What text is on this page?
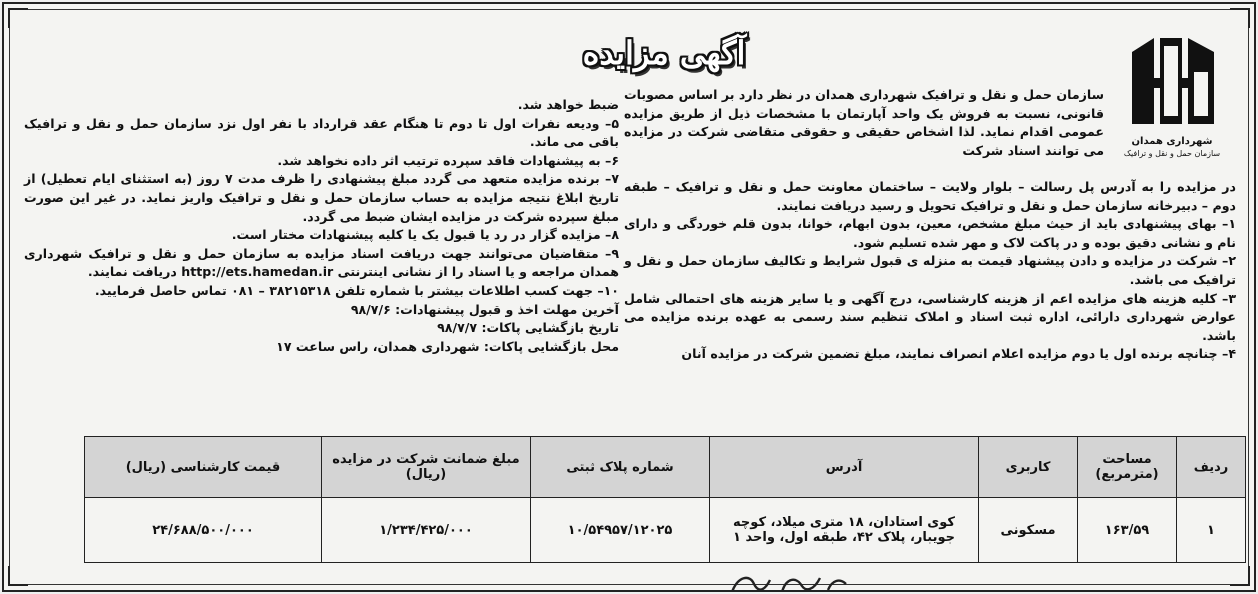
آگهی مزایده
شهرداری همدان
سازمان حمل و نقل و ترافیک

سازمان حمل و نقل و ترافیک شهرداری همدان در نظر دارد بر اساس مصوبات قانونی، نسبت به فروش یک واحد آپارتمان با مشخصات ذیل از طریق مزایده عمومی اقدام نماید. لذا اشخاص حقیقی و حقوقی متقاضی شرکت در مزایده می توانند اسناد شرکت

در مزایده را به آدرس پل رسالت – بلوار ولایت – ساختمان معاونت حمل و نقل و ترافیک – طبقه دوم – دبیرخانه سازمان حمل و نقل و ترافیک تحویل و رسید دریافت نمایند.

۱– بهای پیشنهادی باید از حیث مبلغ مشخص، معین، بدون ابهام، خوانا، بدون قلم خوردگی و دارای نام و نشانی دقیق بوده و در پاکت لاک و مهر شده تسلیم شود.

۲– شرکت در مزایده و دادن پیشنهاد قیمت به منزله ی قبول شرایط و تکالیف سازمان حمل و نقل و ترافیک می باشد.

۳– کلیه هزینه های مزایده اعم از هزینه کارشناسی، درج آگهی و یا سایر هزینه های احتمالی شامل عوارض شهرداری دارائی، اداره ثبت اسناد و املاک تنظیم سند رسمی به عهده برنده مزایده می باشد.

۴– چنانچه برنده اول یا دوم مزایده اعلام انصراف نمایند، مبلغ تضمین شرکت در مزایده آنان

ضبط خواهد شد.

۵– ودیعه نفرات اول تا دوم تا هنگام عقد قرارداد با نفر اول نزد سازمان حمل و نقل و ترافیک باقی می ماند.

۶– به پیشنهادات فاقد سپرده ترتیب اثر داده نخواهد شد.

۷– برنده مزایده متعهد می گردد مبلغ پیشنهادی را ظرف مدت ۷ روز (به استثنای ایام تعطیل) از تاریخ ابلاغ نتیجه مزایده به حساب سازمان حمل و نقل و ترافیک واریز نماید. در غیر این صورت مبلغ سپرده شرکت در مزایده ایشان ضبط می گردد.

۸– مزایده گزار در رد یا قبول یک یا کلیه پیشنهادات مختار است.

۹– متقاضیان می‌توانند جهت دریافت اسناد مزایده به سازمان حمل و نقل و ترافیک شهرداری همدان مراجعه و یا اسناد را از نشانی اینترنتی http://ets.hamedan.ir دریافت نمایند.

۱۰– جهت کسب اطلاعات بیشتر با شماره تلفن ۳۸۲۱۵۳۱۸ – ۰۸۱ تماس حاصل فرمایید.

آخرین مهلت اخذ و قبول پیشنهادات: ۹۸/۷/۶

تاریخ بازگشایی پاکات: ۹۸/۷/۷

محل بازگشایی پاکات: شهرداری همدان، راس ساعت ۱۷

ردیف	مساحت (مترمربع)	کاربری	آدرس	شماره پلاک ثبتی	مبلغ ضمانت شرکت در مزایده (ریال)	قیمت کارشناسی (ریال)
۱	۱۶۳/۵۹	مسکونی	کوی استادان، ۱۸ متری میلاد، کوچه جویبار، پلاک ۴۲، طبقه اول، واحد ۱	۱۰/۵۴۹۵۷/۱۲۰۲۵	۱/۲۳۴/۴۲۵/۰۰۰	۲۴/۶۸۸/۵۰۰/۰۰۰
